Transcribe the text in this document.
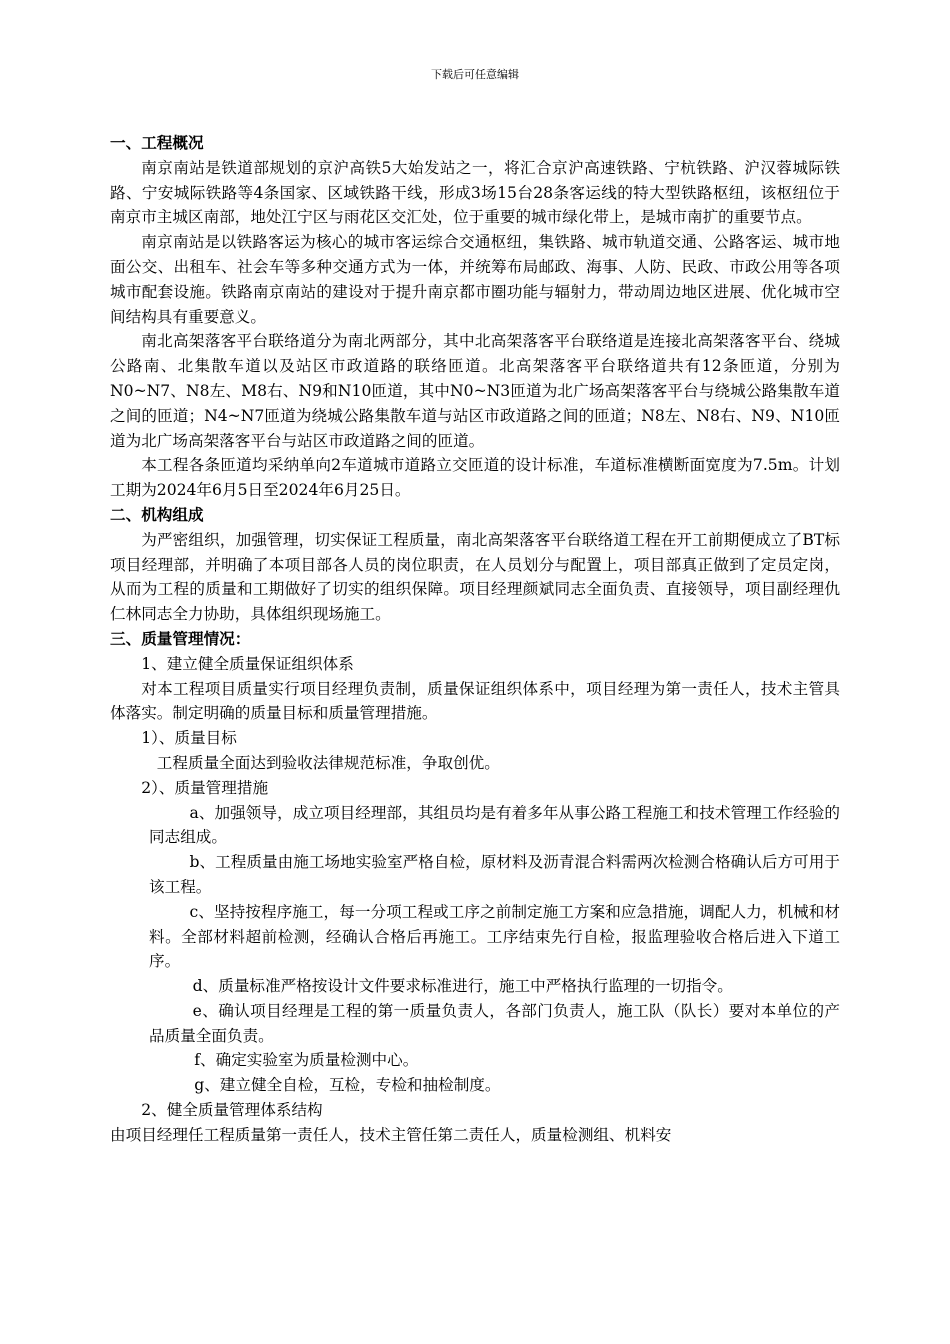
下载后可任意编辑

一、工程概况

南京南站是铁道部规划的京沪高铁5大始发站之一，将汇合京沪高速铁路、宁杭铁路、沪汉蓉城际铁路、宁安城际铁路等4条国家、区域铁路干线，形成3场15台28条客运线的特大型铁路枢纽，该枢纽位于南京市主城区南部，地处江宁区与雨花区交汇处，位于重要的城市绿化带上，是城市南扩的重要节点。

南京南站是以铁路客运为核心的城市客运综合交通枢纽，集铁路、城市轨道交通、公路客运、城市地面公交、出租车、社会车等多种交通方式为一体，并统筹布局邮政、海事、人防、民政、市政公用等各项城市配套设施。铁路南京南站的建设对于提升南京都市圈功能与辐射力，带动周边地区进展、优化城市空间结构具有重要意义。

南北高架落客平台联络道分为南北两部分，其中北高架落客平台联络道是连接北高架落客平台、绕城公路南、北集散车道以及站区市政道路的联络匝道。北高架落客平台联络道共有12条匝道，分别为N0~N7、N8左、M8右、N9和N10匝道，其中N0~N3匝道为北广场高架落客平台与绕城公路集散车道之间的匝道；N4~N7匝道为绕城公路集散车道与站区市政道路之间的匝道；N8左、N8右、N9、N10匝道为北广场高架落客平台与站区市政道路之间的匝道。

本工程各条匝道均采纳单向2车道城市道路立交匝道的设计标准，车道标准横断面宽度为7.5m。计划工期为2024年6月5日至2024年6月25日。

二、机构组成

为严密组织，加强管理，切实保证工程质量，南北高架落客平台联络道工程在开工前期便成立了BT标项目经理部，并明确了本项目部各人员的岗位职责，在人员划分与配置上，项目部真正做到了定员定岗，从而为工程的质量和工期做好了切实的组织保障。项目经理颜斌同志全面负责、直接领导，项目副经理仇仁林同志全力协助，具体组织现场施工。

三、质量管理情况：

1、建立健全质量保证组织体系

对本工程项目质量实行项目经理负责制，质量保证组织体系中，项目经理为第一责任人，技术主管具体落实。制定明确的质量目标和质量管理措施。

1）、质量目标

工程质量全面达到验收法律规范标准，争取创优。

2）、质量管理措施

a、加强领导，成立项目经理部，其组员均是有着多年从事公路工程施工和技术管理工作经验的同志组成。

b、工程质量由施工场地实验室严格自检，原材料及沥青混合料需两次检测合格确认后方可用于该工程。

c、坚持按程序施工，每一分项工程或工序之前制定施工方案和应急措施，调配人力，机械和材料。全部材料超前检测，经确认合格后再施工。工序结束先行自检，报监理验收合格后进入下道工序。

d、质量标准严格按设计文件要求标准进行，施工中严格执行监理的一切指令。

e、确认项目经理是工程的第一质量负责人，各部门负责人，施工队（队长）要对本单位的产品质量全面负责。

f、确定实验室为质量检测中心。

g、建立健全自检，互检，专检和抽检制度。

2、健全质量管理体系结构

由项目经理任工程质量第一责任人，技术主管任第二责任人，质量检测组、机料安
